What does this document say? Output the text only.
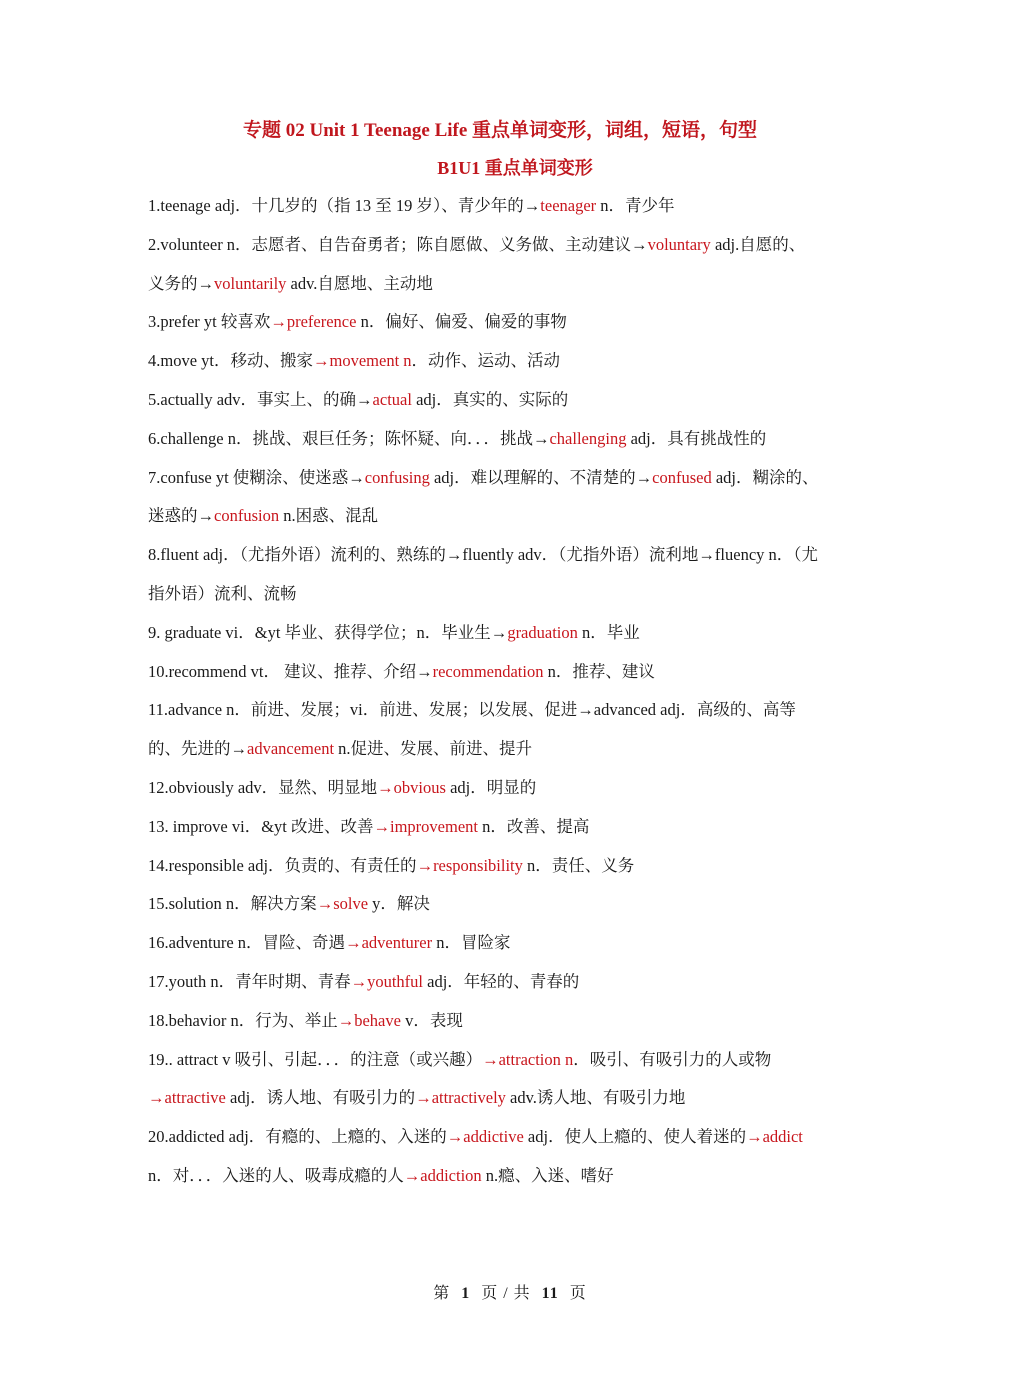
专题 02 Unit 1 Teenage Life 重点单词变形，词组，短语，句型
B1U1 重点单词变形
1.teenage adj．十几岁的（指 13 至 19 岁）、青少年的→teenager n．青少年
2.volunteer n．志愿者、自告奋勇者；陈自愿做、义务做、主动建议→voluntary adj.自愿的、
义务的→voluntarily adv.自愿地、主动地
3.prefer yt 较喜欢→preference n．偏好、偏爱、偏爱的事物
4.move yt．移动、搬家→movement n．动作、运动、活动
5.actually adv．事实上、的确→actual adj．真实的、实际的
6.challenge n．挑战、艰巨任务；陈怀疑、向．．．挑战→challenging adj．具有挑战性的
7.confuse yt 使糊涂、使迷惑→confusing adj．难以理解的、不清楚的→confused adj．糊涂的、
迷惑的→confusion n.困惑、混乱
8.fluent adj．（尤指外语）流利的、熟练的→fluently adv．（尤指外语）流利地→fluency n．（尤
指外语）流利、流畅
9. graduate vi．&yt 毕业、获得学位；n．毕业生→graduation n．毕业
10.recommend vt． 建议、推荐、介绍→recommendation n．推荐、建议
11.advance n．前进、发展；vi．前进、发展；以发展、促进→advanced adj．高级的、高等
的、先进的→advancement n.促进、发展、前进、提升
12.obviously adv．显然、明显地→obvious adj．明显的
13. improve vi．&yt 改进、改善→improvement n．改善、提高
14.responsible adj．负责的、有责任的→responsibility n．责任、义务
15.solution n．解决方案→solve y．解决
16.adventure n．冒险、奇遇→adventurer n．冒险家
17.youth n．青年时期、青春→youthful adj．年轻的、青春的
18.behavior n．行为、举止→behave v．表现
19.. attract v 吸引、引起．．．的注意（或兴趣）→attraction n．吸引、有吸引力的人或物
→attractive adj．诱人地、有吸引力的→attractively adv.诱人地、有吸引力地
20.addicted adj．有瘾的、上瘾的、入迷的→addictive adj．使人上瘾的、使人着迷的→addict
n．对．．．入迷的人、吸毒成瘾的人→addiction n.瘾、入迷、嗜好
第 1 页 / 共 11 页
